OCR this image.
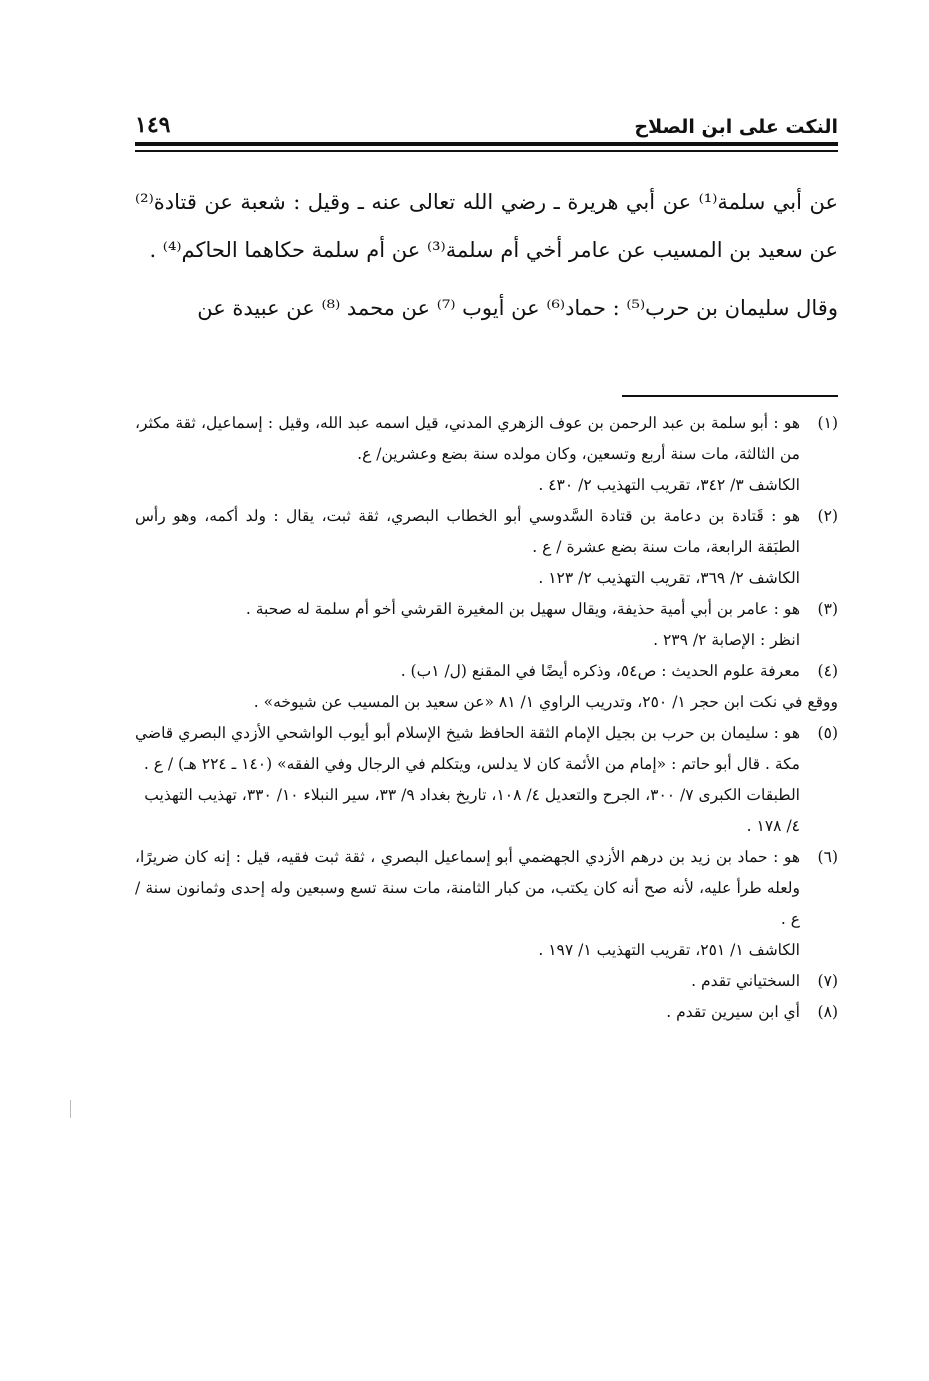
النكت على ابن الصلاح
١٤٩

عن أبي سلمة⁽¹⁾ عن أبي هريرة ـ رضي الله تعالى عنه ـ وقيل : شعبة عن قتادة⁽²⁾ عن سعيد بن المسيب عن عامر أخي أم سلمة⁽³⁾ عن أم سلمة حكاهما الحاكم⁽⁴⁾ .

وقال سليمان بن حرب⁽⁵⁾ : حماد⁽⁶⁾ عن أيوب ⁽⁷⁾ عن محمد ⁽⁸⁾ عن عبيدة عن

(١)
هو : أبو سلمة بن عبد الرحمن بن عوف الزهري المدني، قيل اسمه عبد الله، وقيل : إسماعيل، ثقة مكثر، من الثالثة، مات سنة أربع وتسعين، وكان مولده سنة بضع وعشرين/ ع.
الكاشف ٣/ ٣٤٢، تقريب التهذيب ٢/ ٤٣٠ .
(٢)
هو : قَتادة بن دعامة بن قتادة السَّدوسي أبو الخطاب البصري، ثقة ثبت، يقال : ولد أكمه، وهو رأس الطبَقة الرابعة، مات سنة بضع عشرة / ع .
الكاشف ٢/ ٣٦٩، تقريب التهذيب ٢/ ١٢٣ .
(٣)
هو : عامر بن أبي أمية حذيفة، ويقال سهيل بن المغيرة القرشي أخو أم سلمة له صحبة .
انظر : الإصابة ٢/ ٢٣٩ .
(٤)
معرفة علوم الحديث : ص٥٤، وذكره أيضًا في المقنع (ل/ ١ب) .
ووقع في نكت ابن حجر ١/ ٢٥٠، وتدريب الراوي ١/ ٨١ «عن سعيد بن المسيب عن شيوخه» .
(٥)
هو : سليمان بن حرب بن بجيل الإمام الثقة الحافظ شيخ الإسلام أبو أيوب الواشحي الأزدي البصري قاضي مكة . قال أبو حاتم : «إمام من الأئمة كان لا يدلس، ويتكلم في الرجال وفي الفقه» (١٤٠ ـ ٢٢٤ هـ) / ع .
الطبقات الكبرى ٧/ ٣٠٠، الجرح والتعديل ٤/ ١٠٨، تاريخ بغداد ٩/ ٣٣، سير النبلاء ١٠/ ٣٣٠، تهذيب التهذيب ٤/ ١٧٨ .
(٦)
هو : حماد بن زيد بن درهم الأزدي الجهضمي أبو إسماعيل البصري ، ثقة ثبت فقيه، قيل : إنه كان ضريرًا، ولعله طرأ عليه، لأنه صح أنه كان يكتب، من كبار الثامنة، مات سنة تسع وسبعين وله إحدى وثمانون سنة / ع .
الكاشف ١/ ٢٥١، تقريب التهذيب ١/ ١٩٧ .
(٧)
السختياني تقدم .
(٨)
أي ابن سيرين تقدم .
